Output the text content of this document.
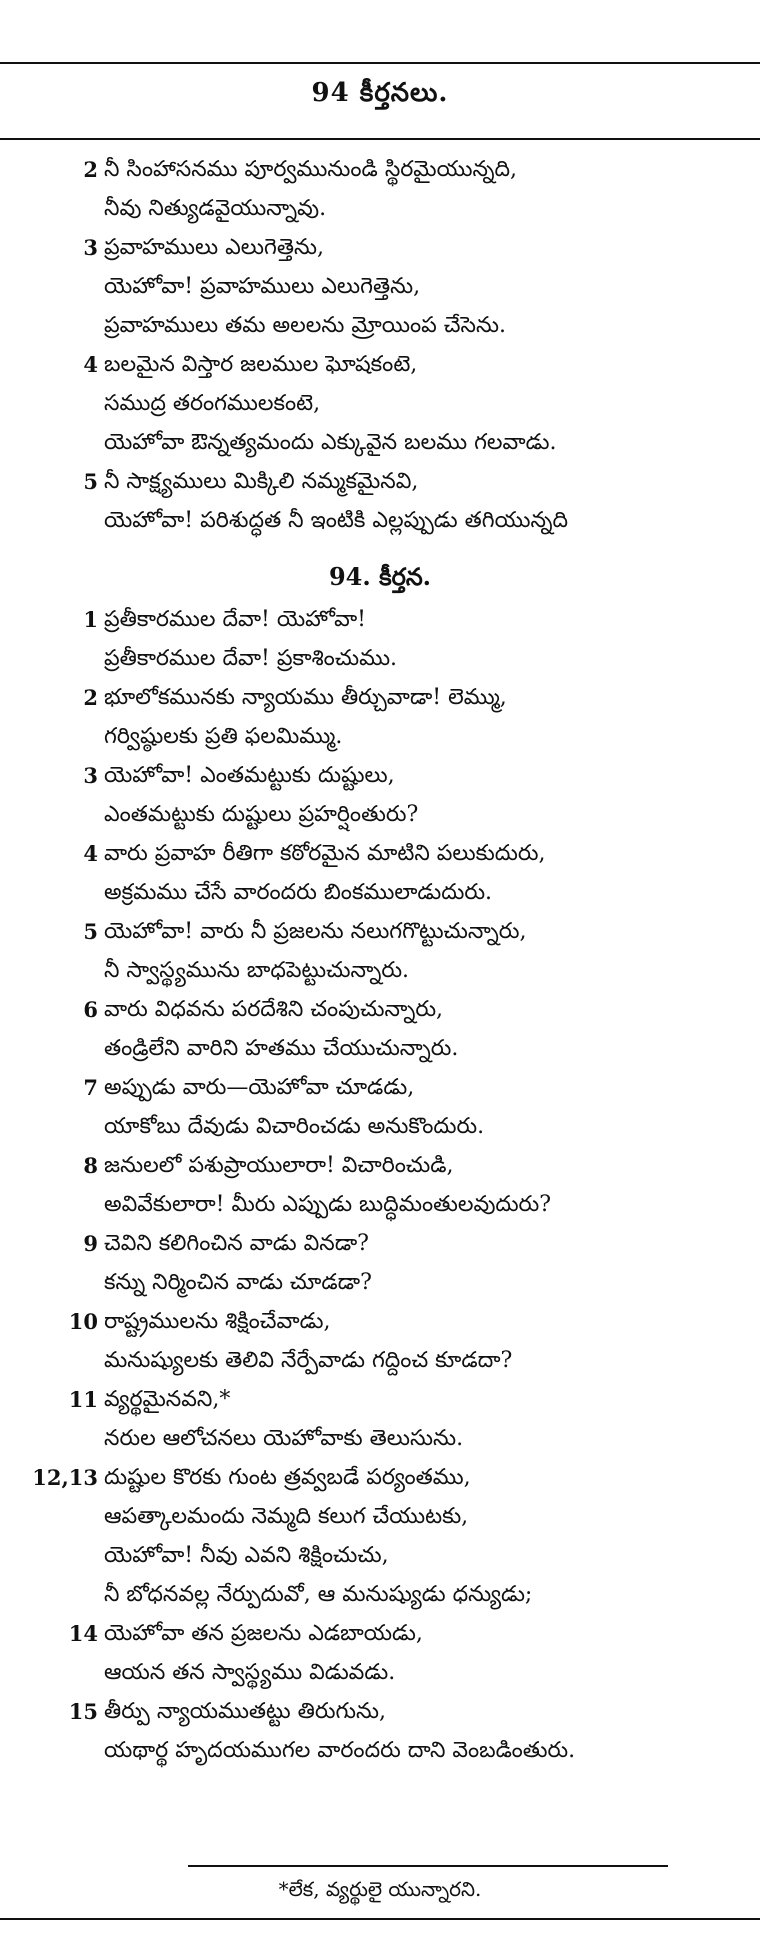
94 కీర్తనలు.
2 నీ సింహాసనము పూర్వమునుండి స్థిరమైయున్నది,
నీవు నిత్యుడవైయున్నావు.
3 ప్రవాహములు ఎలుగెత్తెను,
యెహోవా! ప్రవాహములు ఎలుగెత్తెను,
ప్రవాహములు తమ అలలను మ్రోయింప చేసెను.
4 బలమైన విస్తార జలముల ఘోషకంటె,
సముద్ర తరంగములకంటె,
యెహోవా ఔన్నత్యమందు ఎక్కువైన బలము గలవాడు.
5 నీ సాక్ష్యములు మిక్కిలి నమ్మకమైనవి,
యెహోవా! పరిశుద్ధత నీ ఇంటికి ఎల్లప్పుడు తగియున్నది
94. కీర్తన.
1 ప్రతీకారముల దేవా! యెహోవా!
ప్రతీకారముల దేవా! ప్రకాశించుము.
2 భూలోకమునకు న్యాయము తీర్చువాడా! లెమ్ము,
గర్విష్ఠులకు ప్రతి ఫలమిమ్ము.
3 యెహోవా! ఎంతమట్టుకు దుష్టులు,
ఎంతమట్టుకు దుష్టులు ప్రహర్షింతురు?
4 వారు ప్రవాహ రీతిగా కఠోరమైన మాటిని పలుకుదురు,
అక్రమము చేసే వారందరు బింకములాడుదురు.
5 యెహోవా! వారు నీ ప్రజలను నలుగగొట్టుచున్నారు,
నీ స్వాస్థ్యమును బాధపెట్టుచున్నారు.
6 వారు విధవను పరదేశిని చంపుచున్నారు,
తండ్రిలేని వారిని హతము చేయుచున్నారు.
7 అప్పుడు వారు—యెహోవా చూడడు,
యాకోబు దేవుడు విచారించడు అనుకొందురు.
8 జనులలో పశుప్రాయులారా! విచారించుడి,
అవివేకులారా! మీరు ఎప్పుడు బుద్ధిమంతులవుదురు?
9 చెవిని కలిగించిన వాడు వినడా?
కన్ను నిర్మించిన వాడు చూడడా?
10 రాష్ట్రములను శిక్షించేవాడు,
మనుష్యులకు తెలివి నేర్పేవాడు గద్దించ కూడదా?
11 వ్యర్థమైనవని,*
నరుల ఆలోచనలు యెహోవాకు తెలుసును.
12,13 దుష్టుల కొరకు గుంట త్రవ్వబడే పర్యంతము,
ఆపత్కాలమందు నెమ్మది కలుగ చేయుటకు,
యెహోవా! నీవు ఎవని శిక్షించుచు,
నీ బోధనవల్ల నేర్పుదువో, ఆ మనుష్యుడు ధన్యుడు;
14 యెహోవా తన ప్రజలను ఎడబాయడు,
ఆయన తన స్వాస్థ్యము విడువడు.
15 తీర్పు న్యాయముతట్టు తిరుగును,
యథార్థ హృదయముగల వారందరు దాని వెంబడింతురు.
*లేక, వ్యర్థులై యున్నారని.
